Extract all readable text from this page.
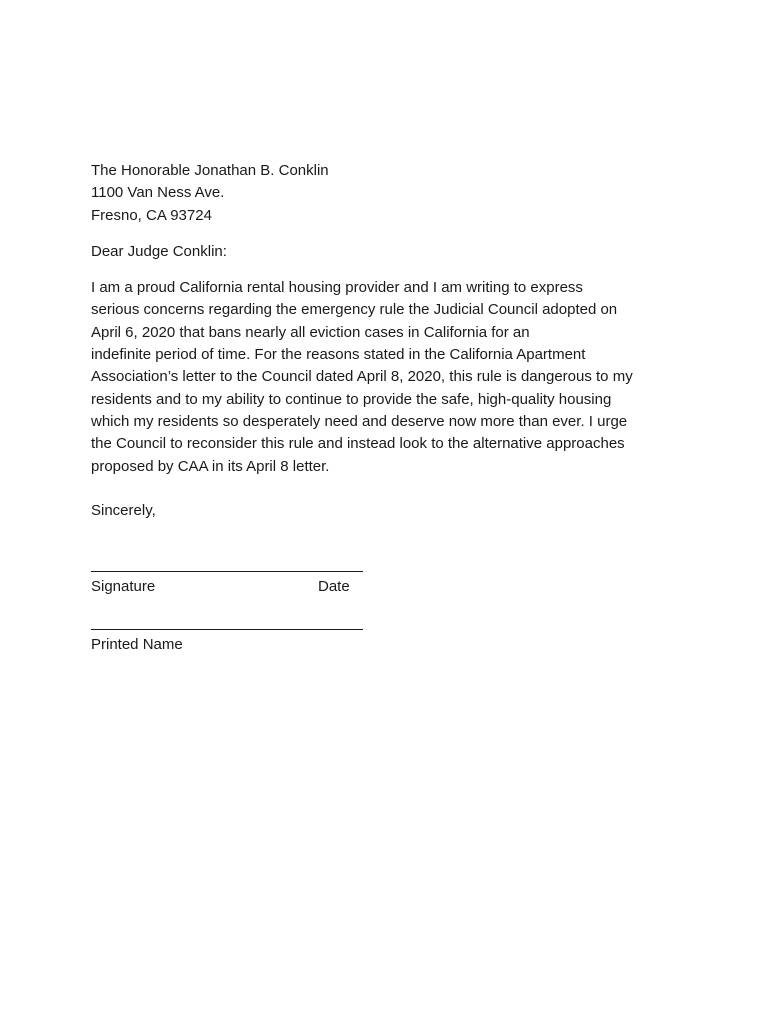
The Honorable Jonathan B. Conklin
1100 Van Ness Ave.
Fresno, CA 93724
Dear Judge Conklin:
I am a proud California rental housing provider and I am writing to express
serious concerns regarding the emergency rule the Judicial Council adopted on
April 6, 2020 that bans nearly all eviction cases in California for an
indefinite period of time. For the reasons stated in the California Apartment
Association’s letter to the Council dated April 8, 2020, this rule is dangerous to my
residents and to my ability to continue to provide the safe, high-quality housing
which my residents so desperately need and deserve now more than ever. I urge
the Council to reconsider this rule and instead look to the alternative approaches
proposed by CAA in its April 8 letter.
Sincerely,
Signature	Date
Printed Name
